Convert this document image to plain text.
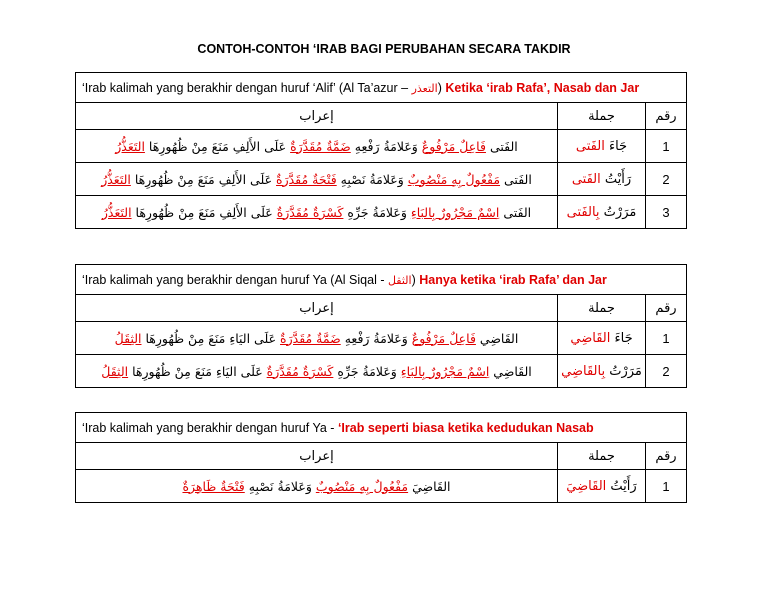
CONTOH-CONTOH ‘IRAB BAGI PERUBAHAN SECARA TAKDIR
‘Irab kalimah yang berakhir dengan huruf ‘Alif’ (Al Ta’azur – التعذر) Ketika ‘irab Rafa’, Nasab dan Jar		
إعراب	جملة	رقم
الفَتى فَاعِلٌ مَرْفُوعٌ وَعَلامَةُ رَفْعِهِ ضَمَّةٌ مُقَدَّرَةٌ عَلَى الأَلِفِ مَنَعَ مِنْ ظُهُورِهَا التَعَذُّرُ	جَاءَ الفَتى	1
الفَتى مَفْعُولٌ بِهِ مَنْصُوبٌ وَعَلامَةُ نَصْبِهِ فَتْحَةٌ مُقَدَّرَةٌ عَلَى الأَلِفِ مَنَعَ مِنْ ظُهُورِهَا التَعَذُّرُ	رَأَيْتُ الفَتى	2
الفَتى اِسْمٌ مَجْرُورٌ بِالبَاءِ وَعَلامَةُ جَرِّهِ كَسْرَةٌ مُقَدَّرَةٌ عَلَى الأَلِفِ مَنَعَ مِنْ ظُهُورِهَا التَعَذُّرُ	مَرَرْتُ بِالفَتى	3
‘Irab kalimah yang berakhir dengan huruf Ya (Al Siqal - الثقل) Hanya ketika ‘irab Rafa’ dan Jar		
إعراب	جملة	رقم
القَاضِي فَاعِلٌ مَرْفُوعٌ وَعَلامَةُ رَفْعِهِ ضَمَّةٌ مُقَدَّرَةٌ عَلَى اليَاءِ مَنَعَ مِنْ ظُهُورِهَا الثِقَلُ	جَاءَ القَاضِي	1
القَاضِي اِسْمٌ مَجْرُورٌ بِالبَاءِ وَعَلامَةُ جَرِّهِ كَسْرَةٌ مُقَدَّرَةٌ عَلَى اليَاءِ مَنَعَ مِنْ ظُهُورِهَا الثِقَلُ	مَرَرْتُ بِالقَاضِي	2
‘Irab kalimah yang berakhir dengan huruf Ya - ‘Irab seperti biasa ketika kedudukan Nasab		
إعراب	جملة	رقم
القَاضِيَ مَفْعُولٌ بِهِ مَنْصُوبٌ وَعَلامَةُ نَصْبِهِ فَتْحَةٌ ظَاهِرَةٌ	رَأَيْتُ القَاضِيَ	1
